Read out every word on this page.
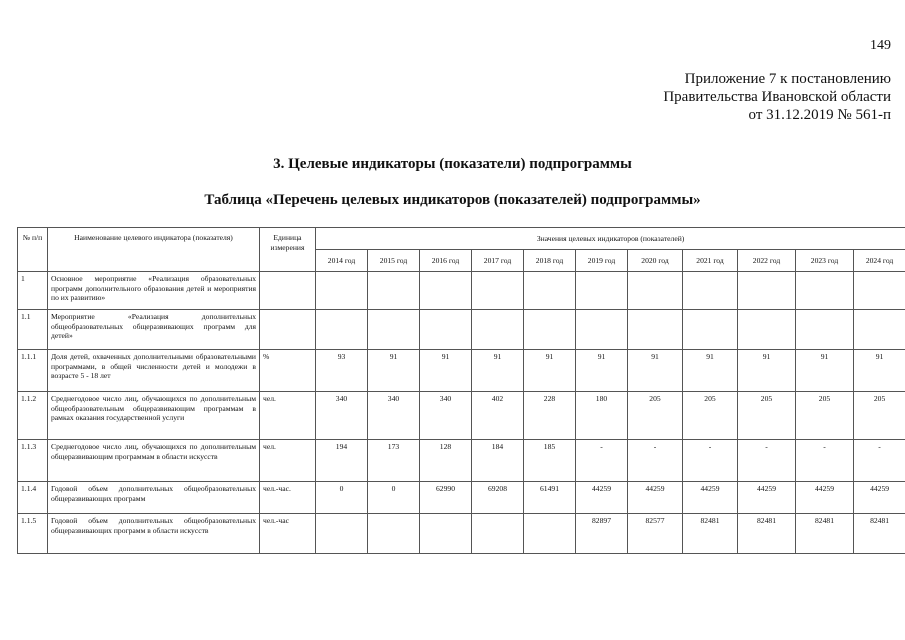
149
Приложение 7 к постановлению
Правительства Ивановской области
от 31.12.2019 № 561-п
3. Целевые индикаторы (показатели) подпрограммы
Таблица «Перечень целевых индикаторов (показателей) подпрограммы»
№ п/п	Наименование целевого индикатора (показателя)	Единица измерения	Значения целевых индикаторов (показателей)										
			2014 год	2015 год	2016 год	2017 год	2018 год	2019 год	2020 год	2021 год	2022 год	2023 год	2024 год
1	Основное мероприятие «Реализация образовательных программ дополнительного образования детей и мероприятия по их развитию»												
1.1	Мероприятие «Реализация дополнительных общеобразовательных общеразвивающих программ для детей»												
1.1.1	Доля детей, охваченных дополнительными образовательными программами, в общей численности детей и молодежи в возрасте 5 - 18 лет	%	93	91	91	91	91	91	91	91	91	91	91
1.1.2	Среднегодовое число лиц, обучающихся по дополнительным общеобразовательным общеразвивающим программам в рамках оказания государственной услуги	чел.	340	340	340	402	228	180	205	205	205	205	205
1.1.3	Среднегодовое число лиц, обучающихся по дополнительным общеразвивающим программам в области искусств	чел.	194	173	128	184	185	-	-	-	-	-	-
1.1.4	Годовой объем дополнительных общеобразовательных общеразвивающих программ	чел.-час.	0	0	62990	69208	61491	44259	44259	44259	44259	44259	44259
1.1.5	Годовой объем дополнительных общеобразовательных общеразвивающих программ в области искусств	чел.-час						82897	82577	82481	82481	82481	82481
